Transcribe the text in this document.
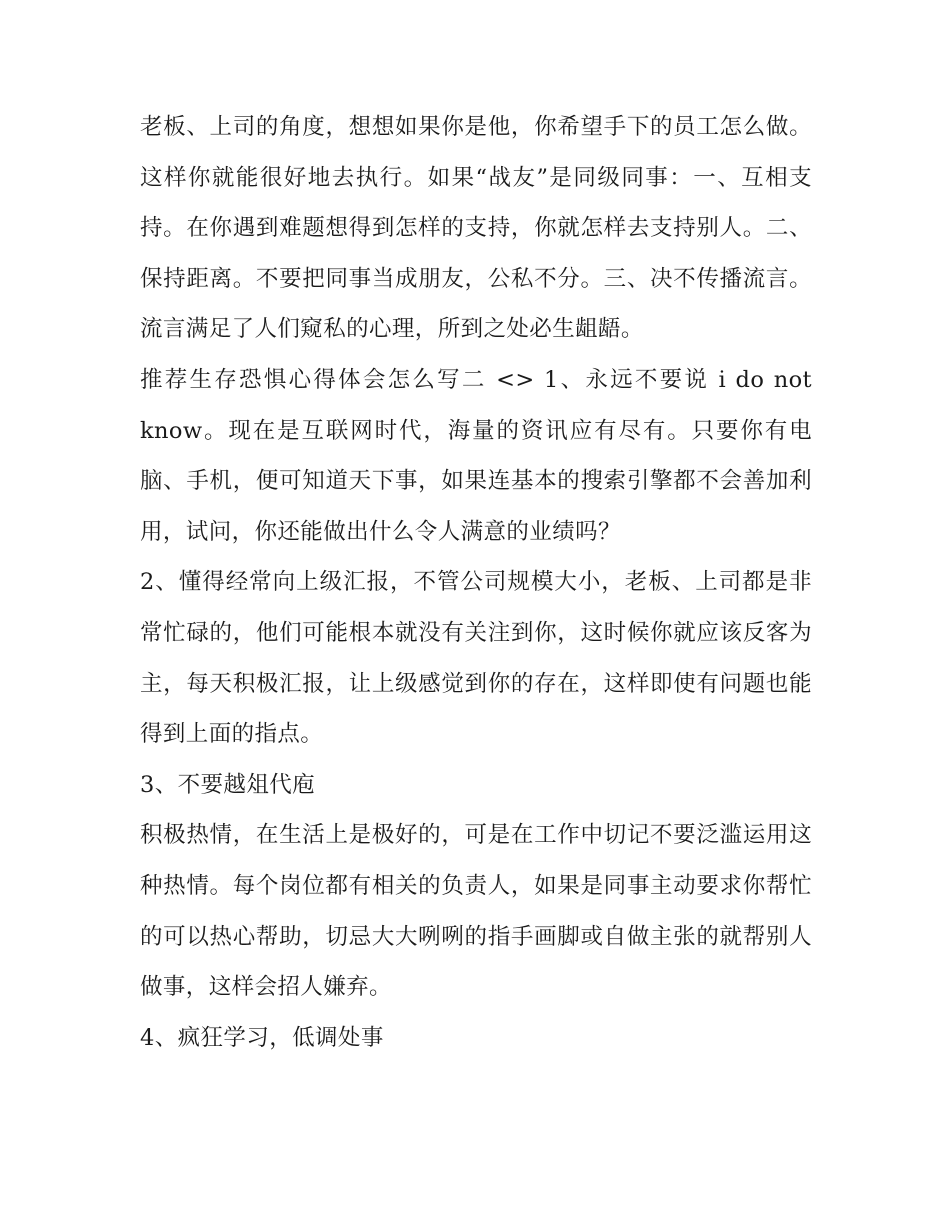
老板、上司的角度，想想如果你是他，你希望手下的员工怎么做。这样你就能很好地去执行。如果“战友”是同级同事：一、互相支持。在你遇到难题想得到怎样的支持，你就怎样去支持别人。二、保持距离。不要把同事当成朋友，公私不分。三、决不传播流言。流言满足了人们窥私的心理，所到之处必生龃龉。

推荐生存恐惧心得体会怎么写二 <> 1、永远不要说 i do not know。现在是互联网时代，海量的资讯应有尽有。只要你有电脑、手机，便可知道天下事，如果连基本的搜索引擎都不会善加利用，试问，你还能做出什么令人满意的业绩吗？

2、懂得经常向上级汇报，不管公司规模大小，老板、上司都是非常忙碌的，他们可能根本就没有关注到你，这时候你就应该反客为主，每天积极汇报，让上级感觉到你的存在，这样即使有问题也能得到上面的指点。

3、不要越俎代庖

积极热情，在生活上是极好的，可是在工作中切记不要泛滥运用这种热情。每个岗位都有相关的负责人，如果是同事主动要求你帮忙的可以热心帮助，切忌大大咧咧的指手画脚或自做主张的就帮别人做事，这样会招人嫌弃。

4、疯狂学习，低调处事
